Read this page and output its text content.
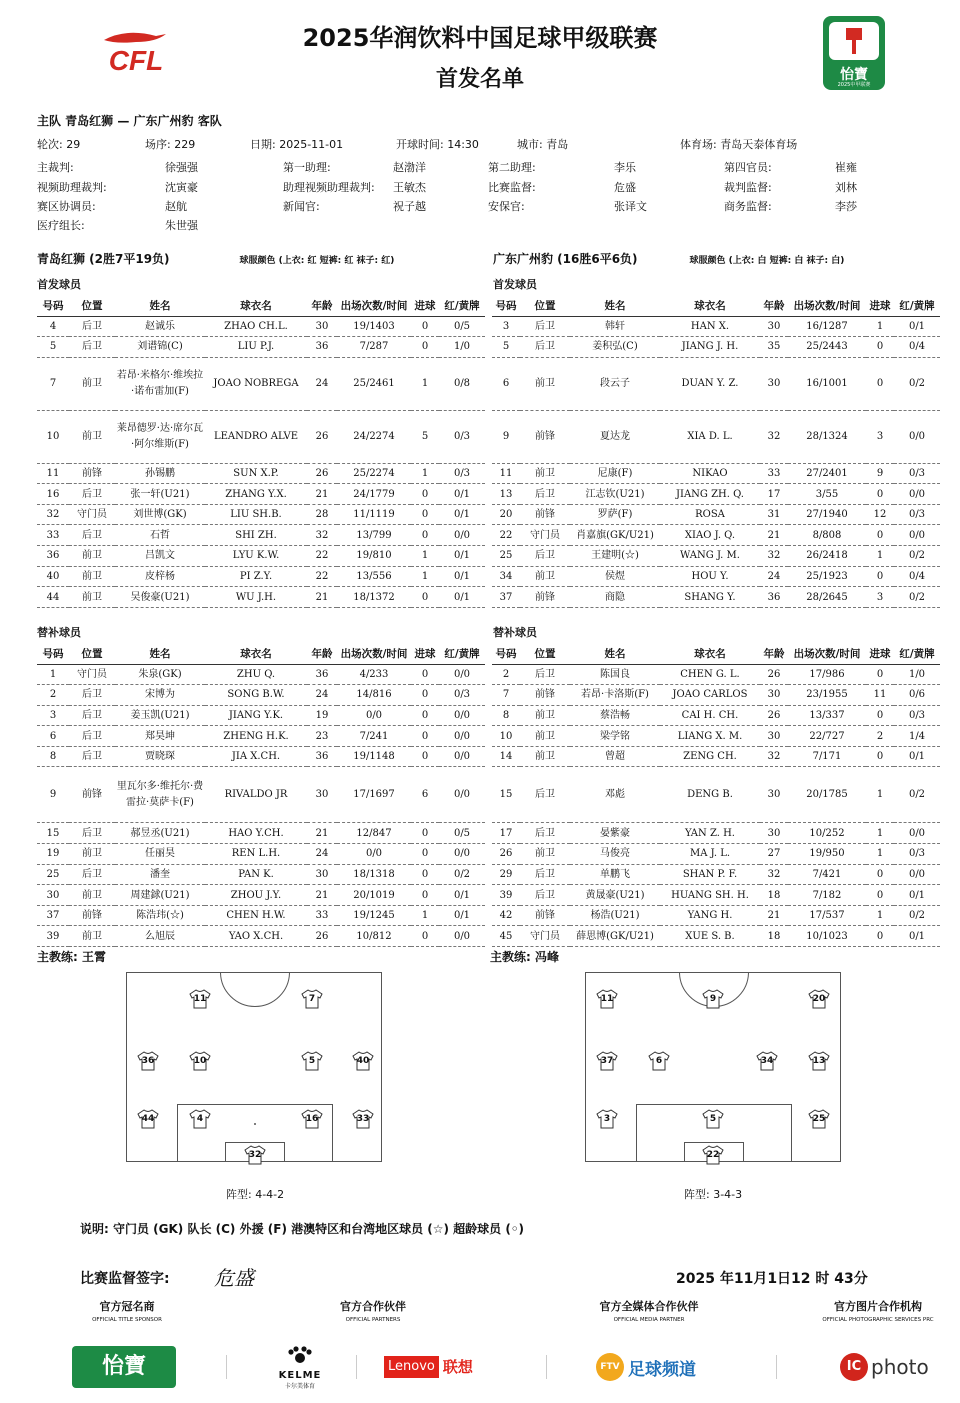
CFL
2025华润饮料中国足球甲级联赛
首发名单	怡寶
2025中甲联赛
主队 青岛红狮 — 广东广州豹 客队
轮次: 29	场序: 229	日期: 2025-11-01	开球时间: 14:30	城市: 青岛	体育场: 青岛天泰体育场
主裁判:	徐强强	第一助理:	赵渤洋	第二助理:	李乐	第四官员:	崔雍
视频助理裁判:	沈寅豪	助理视频助理裁判: 王敏杰	比赛监督:	危盛	裁判监督:	刘林
赛区协调员:	赵航	新闻官:	祝子越	安保官:	张译文	商务监督:	李莎
医疗组长:	朱世强
青岛红狮 (2胜7平19负)	球服颜色 (上衣: 红 短裤: 红 袜子: 红)	广东广州豹 (16胜6平6负)	球服颜色 (上衣: 白 短裤: 白 袜子: 白)
首发球员	首发球员
号码	位置	姓名	球衣名	年龄	出场次数/时间	进球	红/黄牌
4	后卫	赵诚乐	ZHAO CH.L.	30	19/1403	0	0/5
5	后卫	刘谱锦(C)	LIU P.J.	36	7/287	0	1/0
7	前卫	若昂·米格尔·维埃拉·诺布雷加(F)	JOAO NOBREGA	24	25/2461	1	0/8
10	前卫	莱昂德罗·达·席尔瓦·阿尔维斯(F)	LEANDRO ALVE	26	24/2274	5	0/3
11	前锋	孙锡鹏	SUN X.P.	26	25/2274	1	0/3
16	后卫	张一轩(U21)	ZHANG Y.X.	21	24/1779	0	0/1
32	守门员	刘世博(GK)	LIU SH.B.	28	11/1119	0	0/1
33	后卫	石哲	SHI ZH.	32	13/799	0	0/0
36	前卫	吕凯文	LYU K.W.	22	19/810	1	0/1
40	前卫	皮梓杨	PI Z.Y.	22	13/556	1	0/1
44	前卫	吴俊豪(U21)	WU J.H.	21	18/1372	0	0/1
号码	位置	姓名	球衣名	年龄	出场次数/时间	进球	红/黄牌
3	后卫	韩轩	HAN X.	30	16/1287	1	0/1
5	后卫	姜积弘(C)	JIANG J. H.	35	25/2443	0	0/4
6	前卫	段云子	DUAN Y. Z.	30	16/1001	0	0/2
9	前锋	夏达龙	XIA D. L.	32	28/1324	3	0/0
11	前卫	尼康(F)	NIKAO	33	27/2401	9	0/3
13	后卫	江志钦(U21)	JIANG ZH. Q.	17	3/55	0	0/0
20	前锋	罗萨(F)	ROSA	31	27/1940	12	0/3
22	守门员	肖嘉旗(GK/U21)	XIAO J. Q.	21	8/808	0	0/0
25	后卫	王建明(☆)	WANG J. M.	32	26/2418	1	0/2
34	前卫	侯煜	HOU Y.	24	25/1923	0	0/4
37	前锋	商隐	SHANG Y.	36	28/2645	3	0/2
替补球员	替补球员
号码	位置	姓名	球衣名	年龄	出场次数/时间	进球	红/黄牌
1	守门员	朱泉(GK)	ZHU Q.	36	4/233	0	0/0
2	后卫	宋博为	SONG B.W.	24	14/816	0	0/3
3	后卫	姜玉凯(U21)	JIANG Y.K.	19	0/0	0	0/0
6	后卫	郑昊坤	ZHENG H.K.	23	7/241	0	0/0
8	后卫	贾晓琛	JIA X.CH.	36	19/1148	0	0/0
9	前锋	里瓦尔多·维托尔·费雷拉·莫萨卡(F)	RIVALDO JR	30	17/1697	6	0/0
15	后卫	郝昱丞(U21)	HAO Y.CH.	21	12/847	0	0/5
19	前卫	任丽昊	REN L.H.	24	0/0	0	0/0
25	后卫	潘奎	PAN K.	30	18/1318	0	0/2
30	前卫	周建銶(U21)	ZHOU J.Y.	21	20/1019	0	0/1
37	前锋	陈浩玮(☆)	CHEN H.W.	33	19/1245	1	0/1
39	前卫	么旭辰	YAO X.CH.	26	10/812	0	0/0
号码	位置	姓名	球衣名	年龄	出场次数/时间	进球	红/黄牌
2	后卫	陈国良	CHEN G. L.	26	17/986	0	1/0
7	前锋	若昂·卡洛斯(F)	JOAO CARLOS	30	23/1955	11	0/6
8	前卫	蔡浩畅	CAI H. CH.	26	13/337	0	0/3
10	前卫	梁学铭	LIANG X. M.	30	22/727	2	1/4
14	前卫	曾超	ZENG CH.	32	7/171	0	0/1
15	后卫	邓彪	DENG B.	30	20/1785	1	0/2
17	后卫	晏紫豪	YAN Z. H.	30	10/252	1	0/0
26	前卫	马俊亮	MA J. L.	27	19/950	1	0/3
29	后卫	单鹏飞	SHAN P. F.	32	7/421	0	0/0
39	后卫	黄晟豪(U21)	HUANG SH. H.	18	7/182	0	0/1
42	前锋	杨浩(U21)	YANG H.	21	17/537	1	0/2
45	守门员	薛思博(GK/U21)	XUE S. B.	18	10/1023	0	0/1
主教练: 王霄	主教练: 冯峰
11	7
36	10	5	40
44	4	16	33
32
11	9	20
37	6	34	13
3	5	25
22
阵型: 4-4-2	阵型: 3-4-3
说明: 守门员 (GK) 队长 (C) 外援 (F) 港澳特区和台湾地区球员 (☆) 超龄球员 (◦)
比赛监督签字: 危盛	2025 年11月1日12 时 43分
官方冠名商
OFFICIAL TITLE SPONSOR
官方合作伙伴
OFFICIAL PARTNERS
官方全媒体合作伙伴
OFFICIAL MEDIA PARTNER
官方图片合作机构
OFFICIAL PHOTOGRAPHIC SERVICES PRC
怡寶	KELME
卡尔美体育
Lenovo 联想	FTV 足球频道	IC photo
